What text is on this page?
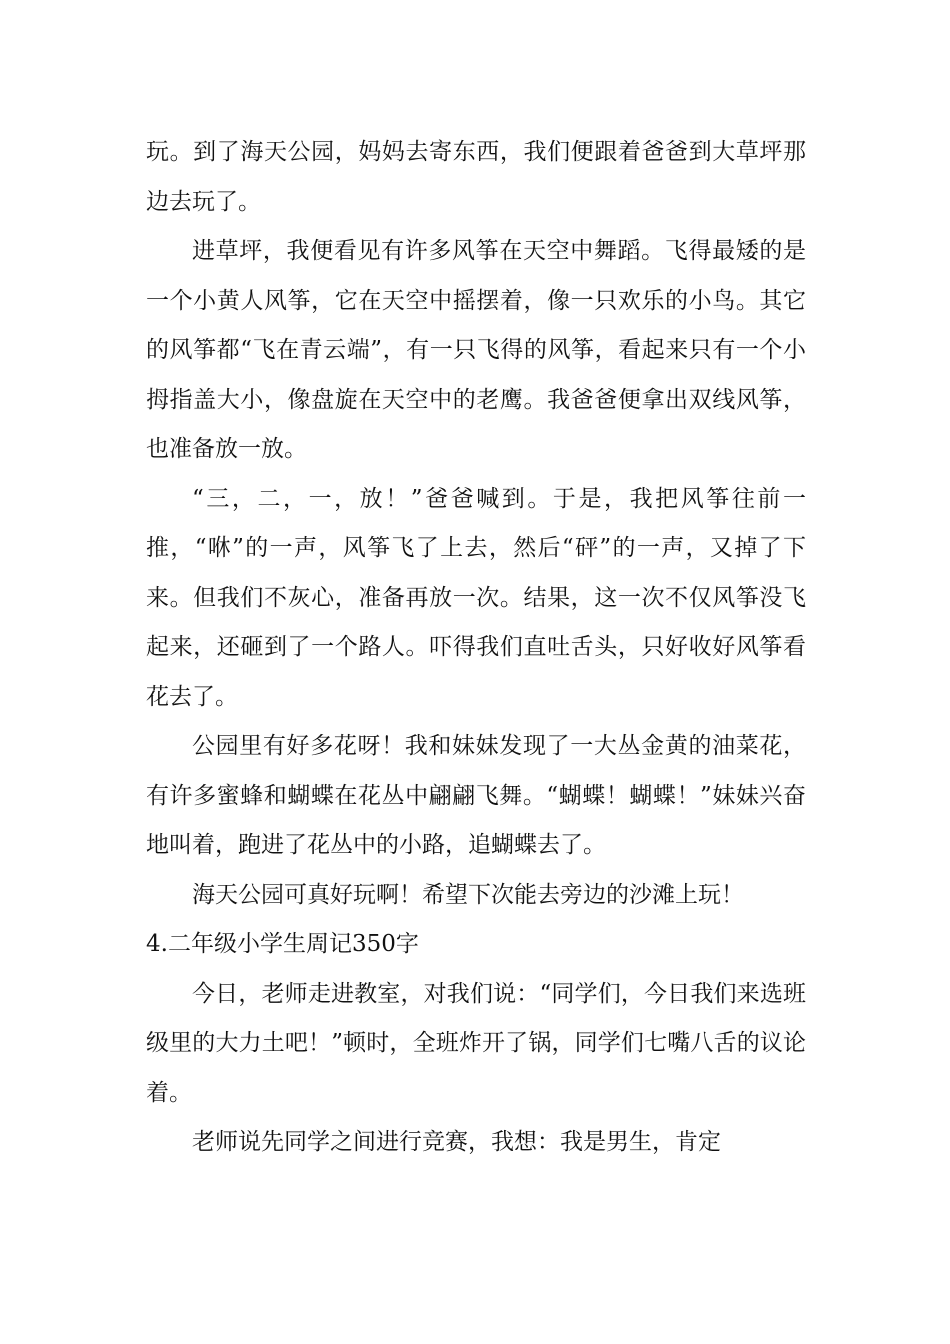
玩。到了海天公园，妈妈去寄东西，我们便跟着爸爸到大草坪那边去玩了。

进草坪，我便看见有许多风筝在天空中舞蹈。飞得最矮的是一个小黄人风筝，它在天空中摇摆着，像一只欢乐的小鸟。其它的风筝都“飞在青云端”，有一只飞得的风筝，看起来只有一个小拇指盖大小，像盘旋在天空中的老鹰。我爸爸便拿出双线风筝，也准备放一放。

“三，二，一，放！”爸爸喊到。于是，我把风筝往前一推，“咻”的一声，风筝飞了上去，然后“砰”的一声，又掉了下来。但我们不灰心，准备再放一次。结果，这一次不仅风筝没飞起来，还砸到了一个路人。吓得我们直吐舌头，只好收好风筝看花去了。

公园里有好多花呀！我和妹妹发现了一大丛金黄的油菜花，有许多蜜蜂和蝴蝶在花丛中翩翩飞舞。“蝴蝶！蝴蝶！”妹妹兴奋地叫着，跑进了花丛中的小路，追蝴蝶去了。

海天公园可真好玩啊！希望下次能去旁边的沙滩上玩！

4.二年级小学生周记350字

今日，老师走进教室，对我们说：“同学们，今日我们来选班级里的大力土吧！”顿时，全班炸开了锅，同学们七嘴八舌的议论着。

老师说先同学之间进行竞赛，我想：我是男生，肯定
